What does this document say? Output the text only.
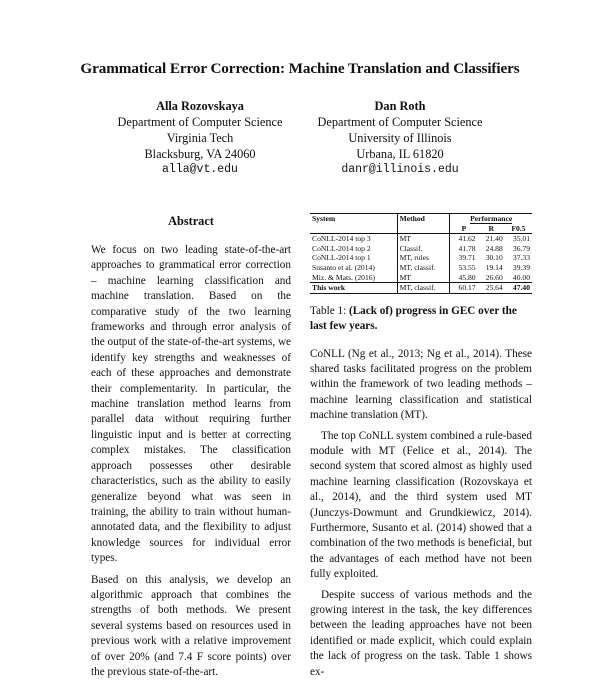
Grammatical Error Correction: Machine Translation and Classifiers
Alla Rozovskaya
Department of Computer Science
Virginia Tech
Blacksburg, VA 24060
alla@vt.edu
Dan Roth
Department of Computer Science
University of Illinois
Urbana, IL 61820
danr@illinois.edu
Abstract

We focus on two leading state-of-the-art approaches to grammatical error correction – machine learning classification and machine translation. Based on the comparative study of the two learning frameworks and through error analysis of the output of the state-of-the-art systems, we identify key strengths and weaknesses of each of these approaches and demonstrate their complementarity. In particular, the machine translation method learns from parallel data without requiring further linguistic input and is better at correcting complex mistakes. The classification approach possesses other desirable characteristics, such as the ability to easily generalize beyond what was seen in training, the ability to train without human-annotated data, and the flexibility to adjust knowledge sources for individual error types.

Based on this analysis, we develop an algorithmic approach that combines the strengths of both methods. We present several systems based on resources used in previous work with a relative improvement of over 20% (and 7.4 F score points) over the previous state-of-the-art.

System	Method	Performance		
		P	R	F0.5
CoNLL-2014 top 3	MT	41.62	21.40	35.01
CoNLL-2014 top 2	Classif.	41.78	24.88	36.79
CoNLL-2014 top 1	MT, rules	39.71	30.10	37.33
Susanto et al. (2014)	MT, classif.	53.55	19.14	39.39
Miz. & Mats. (2016)	MT	45.80	26.60	40.00
This work	MT, classif.	60.17	25.64	47.40
Table 1: (Lack of) progress in GEC over the last few years.

CoNLL (Ng et al., 2013; Ng et al., 2014). These shared tasks facilitated progress on the problem within the framework of two leading methods – machine learning classification and statistical machine translation (MT).

The top CoNLL system combined a rule-based module with MT (Felice et al., 2014). The second system that scored almost as highly used machine learning classification (Rozovskaya et al., 2014), and the third system used MT (Junczys-Dowmunt and Grundkiewicz, 2014). Furthermore, Susanto et al. (2014) showed that a combination of the two methods is beneficial, but the advantages of each method have not been fully exploited.

Despite success of various methods and the growing interest in the task, the key differences between the leading approaches have not been identified or made explicit, which could explain the lack of progress on the task. Table 1 shows ex-
